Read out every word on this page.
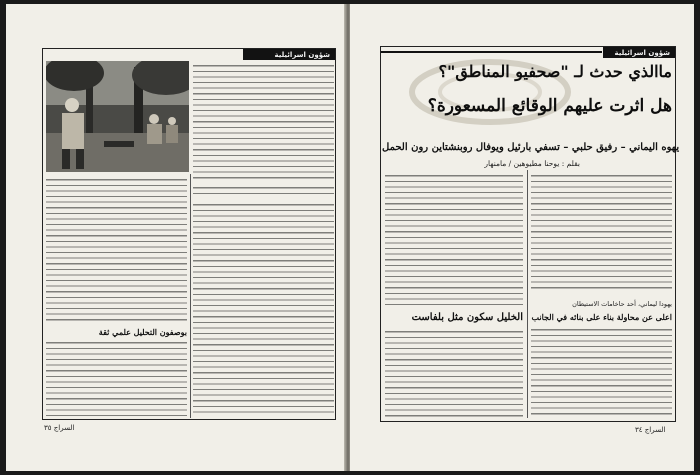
شؤون اسرائيلية
بوصفون التحليل علمي ثقة
السراج ٣٥
شؤون اسرائيلية
ماالذي حدث لـ "صحفيو المناطق"؟
هل اثرت عليهم الوقائع المسعورة؟
يهوه اليماني – رفيق حلبي – تسفي بارئيل ويوفال روبنشتاين رون الحمل
بقلم : يوحنا مطيوهين / مامنهار
يهودا ليماني، أحد حاخامات الاستيطان
اعلى عن محاولة بناء على بنائه في الجانب
الخليل سكون مثل بلفاست
السراج ٣٤
